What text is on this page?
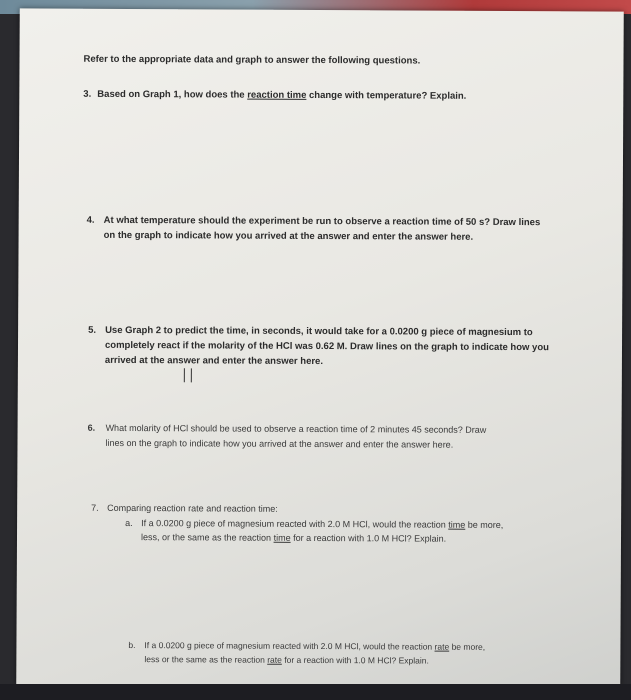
Refer to the appropriate data and graph to answer the following questions.
3. Based on Graph 1, how does the reaction time change with temperature? Explain.
4. At what temperature should the experiment be run to observe a reaction time of 50 s? Draw lines
on the graph to indicate how you arrived at the answer and enter the answer here.
5. Use Graph 2 to predict the time, in seconds, it would take for a 0.0200 g piece of magnesium to
completely react if the molarity of the HCl was 0.62 M. Draw lines on the graph to indicate how you
arrived at the answer and enter the answer here.
6. What molarity of HCl should be used to observe a reaction time of 2 minutes 45 seconds? Draw
lines on the graph to indicate how you arrived at the answer and enter the answer here.
7. Comparing reaction rate and reaction time:
a. If a 0.0200 g piece of magnesium reacted with 2.0 M HCl, would the reaction time be more,
less, or the same as the reaction time for a reaction with 1.0 M HCl? Explain.
b. If a 0.0200 g piece of magnesium reacted with 2.0 M HCl, would the reaction rate be more,
less or the same as the reaction rate for a reaction with 1.0 M HCl? Explain.
